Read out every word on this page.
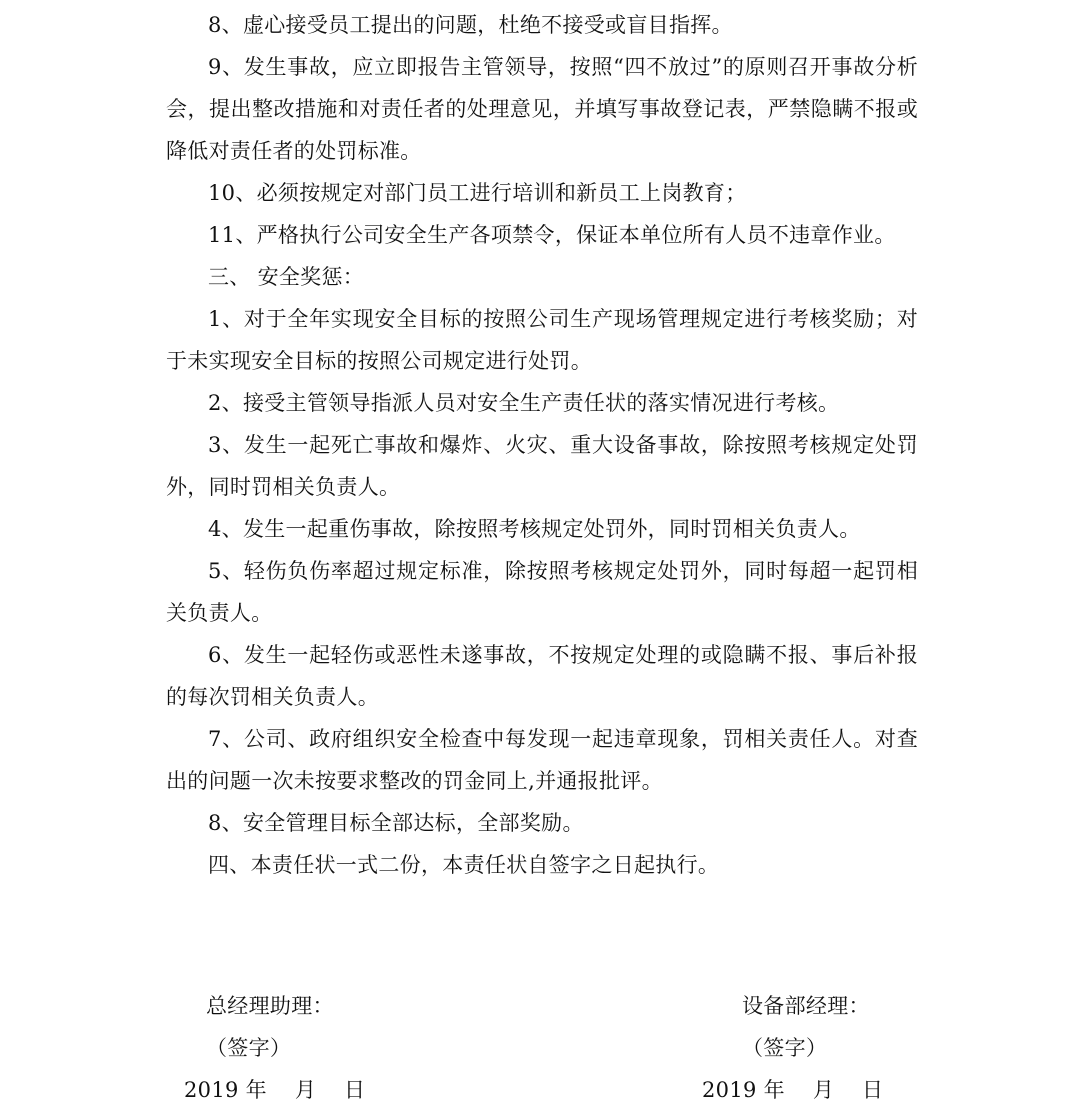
8、虚心接受员工提出的问题，杜绝不接受或盲目指挥。

9、发生事故，应立即报告主管领导，按照“四不放过”的原则召开事故分析会，提出整改措施和对责任者的处理意见，并填写事故登记表，严禁隐瞒不报或降低对责任者的处罚标准。

10、必须按规定对部门员工进行培训和新员工上岗教育；

11、严格执行公司安全生产各项禁令，保证本单位所有人员不违章作业。

三、 安全奖惩：

1、对于全年实现安全目标的按照公司生产现场管理规定进行考核奖励；对于未实现安全目标的按照公司规定进行处罚。

2、接受主管领导指派人员对安全生产责任状的落实情况进行考核。

3、发生一起死亡事故和爆炸、火灾、重大设备事故，除按照考核规定处罚外，同时罚相关负责人。

4、发生一起重伤事故，除按照考核规定处罚外，同时罚相关负责人。

5、轻伤负伤率超过规定标准，除按照考核规定处罚外，同时每超一起罚相关负责人。

6、发生一起轻伤或恶性未遂事故，不按规定处理的或隐瞒不报、事后补报的每次罚相关负责人。

7、公司、政府组织安全检查中每发现一起违章现象，罚相关责任人。对查出的问题一次未按要求整改的罚金同上,并通报批评。

8、安全管理目标全部达标，全部奖励。

四、本责任状一式二份，本责任状自签字之日起执行。

总经理助理：	设备部经理：
（签字）	（签字）
2019 年    月    日	2019 年    月    日
